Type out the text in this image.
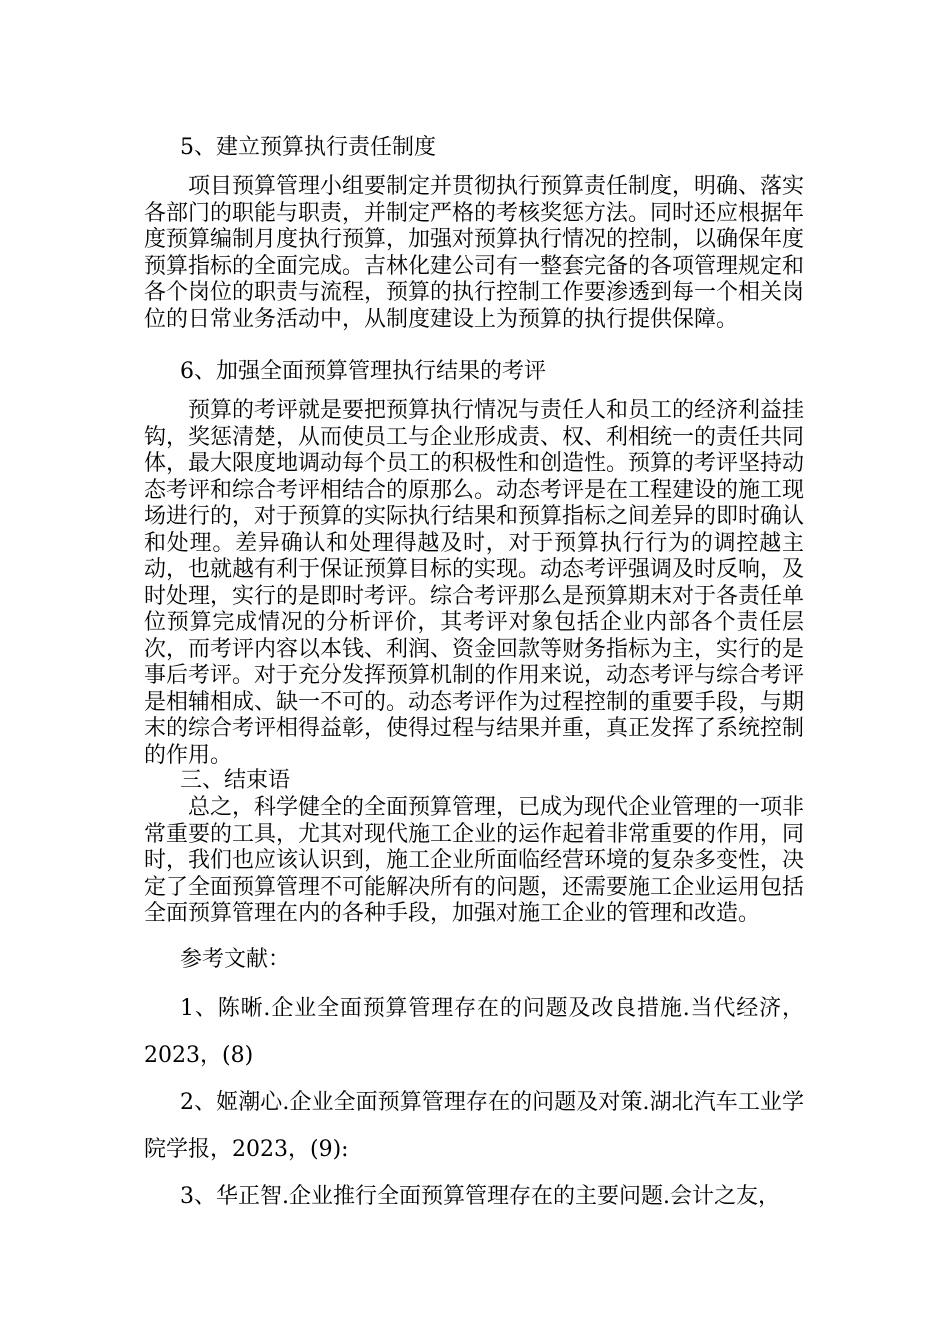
5、建立预算执行责任制度

项目预算管理小组要制定并贯彻执行预算责任制度，明确、落实各部门的职能与职责，并制定严格的考核奖惩方法。同时还应根据年度预算编制月度执行预算，加强对预算执行情况的控制，以确保年度预算指标的全面完成。吉林化建公司有一整套完备的各项管理规定和各个岗位的职责与流程，预算的执行控制工作要渗透到每一个相关岗位的日常业务活动中，从制度建设上为预算的执行提供保障。

6、加强全面预算管理执行结果的考评

预算的考评就是要把预算执行情况与责任人和员工的经济利益挂钩，奖惩清楚，从而使员工与企业形成责、权、利相统一的责任共同体，最大限度地调动每个员工的积极性和创造性。预算的考评坚持动态考评和综合考评相结合的原那么。动态考评是在工程建设的施工现场进行的，对于预算的实际执行结果和预算指标之间差异的即时确认和处理。差异确认和处理得越及时，对于预算执行行为的调控越主动，也就越有利于保证预算目标的实现。动态考评强调及时反响，及时处理，实行的是即时考评。综合考评那么是预算期末对于各责任单位预算完成情况的分析评价，其考评对象包括企业内部各个责任层次，而考评内容以本钱、利润、资金回款等财务指标为主，实行的是事后考评。对于充分发挥预算机制的作用来说，动态考评与综合考评是相辅相成、缺一不可的。动态考评作为过程控制的重要手段，与期末的综合考评相得益彰，使得过程与结果并重，真正发挥了系统控制的作用。

三、结束语

总之，科学健全的全面预算管理，已成为现代企业管理的一项非常重要的工具，尤其对现代施工企业的运作起着非常重要的作用，同时，我们也应该认识到，施工企业所面临经营环境的复杂多变性，决定了全面预算管理不可能解决所有的问题，还需要施工企业运用包括全面预算管理在内的各种手段，加强对施工企业的管理和改造。

参考文献：

1、陈晰.企业全面预算管理存在的问题及改良措施.当代经济，2023，(8)

2、姬潮心.企业全面预算管理存在的问题及对策.湖北汽车工业学院学报，2023，(9):

3、华正智.企业推行全面预算管理存在的主要问题.会计之友，
